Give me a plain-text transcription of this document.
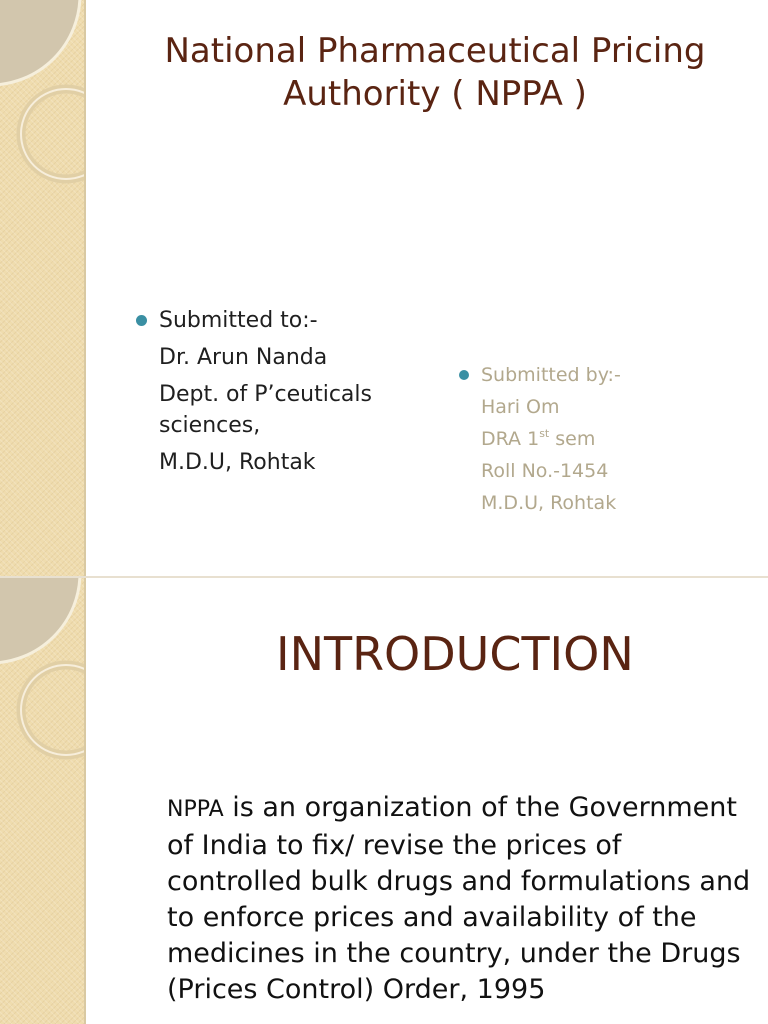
National Pharmaceutical Pricing
Authority ( NPPA )
Submitted to:-
Dr. Arun Nanda
Dept. of P’ceuticals
sciences,
M.D.U, Rohtak
Submitted by:-
Hari Om
DRA 1st sem
Roll No.-1454
M.D.U, Rohtak
INTRODUCTION
NPPA is an organization of the Government of India to fix/ revise the prices of controlled bulk drugs and formulations and to enforce prices and availability of the medicines in the country, under the Drugs (Prices Control) Order, 1995
